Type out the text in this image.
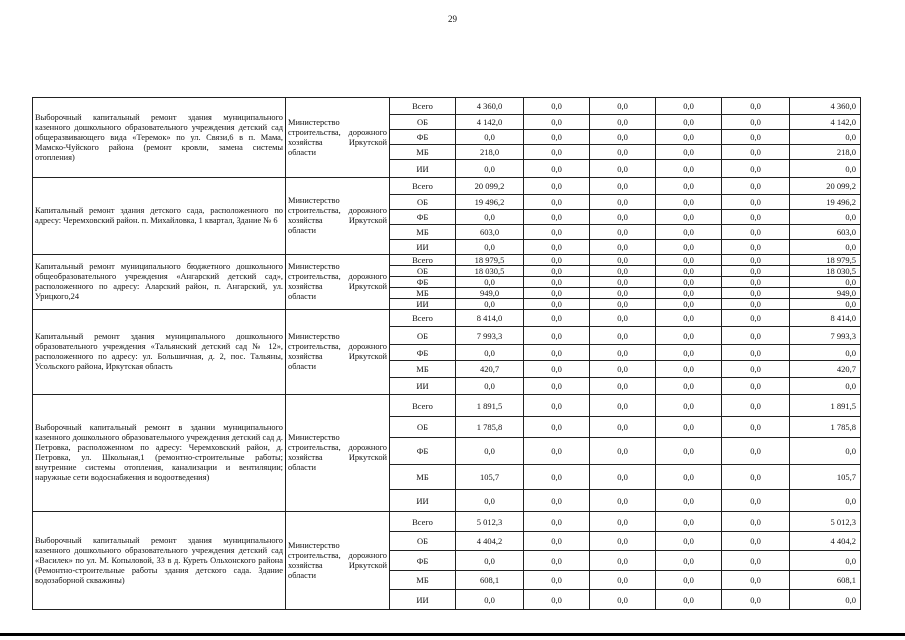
29
Выборочный капитальный ремонт здания муниципального казенного дошкольного образовательного учреждения детский сад общеразвивающего вида «Теремок» по ул. Связи,6 в п. Мама, Мамско-Чуйского района (ремонт кровли, замена системы отопления)	Министерство строительства, дорожного хозяйства Иркутской области	Всего	4 360,0	0,0	0,0	0,0	0,0	4 360,0
		ОБ	4 142,0	0,0	0,0	0,0	0,0	4 142,0
		ФБ	0,0	0,0	0,0	0,0	0,0	0,0
		МБ	218,0	0,0	0,0	0,0	0,0	218,0
		ИИ	0,0	0,0	0,0	0,0	0,0	0,0
Капитальный ремонт здания детского сада, расположенного по адресу: Черемховский район. п. Михайловка, 1 квартал, Здание № 6	Министерство строительства, дорожного хозяйства Иркутской области	Всего	20 099,2	0,0	0,0	0,0	0,0	20 099,2
		ОБ	19 496,2	0,0	0,0	0,0	0,0	19 496,2
		ФБ	0,0	0,0	0,0	0,0	0,0	0,0
		МБ	603,0	0,0	0,0	0,0	0,0	603,0
		ИИ	0,0	0,0	0,0	0,0	0,0	0,0
Капитальный ремонт муниципального бюджетного дошкольного общеобразовательного учреждения «Ангарский детский сад», расположенного по адресу: Аларский район, п. Ангарский, ул. Урицкого,24	Министерство строительства, дорожного хозяйства Иркутской области	Всего	18 979,5	0,0	0,0	0,0	0,0	18 979,5
		ОБ	18 030,5	0,0	0,0	0,0	0,0	18 030,5
		ФБ	0,0	0,0	0,0	0,0	0,0	0,0
		МБ	949,0	0,0	0,0	0,0	0,0	949,0
		ИИ	0,0	0,0	0,0	0,0	0,0	0,0
Капитальный ремонт здания муниципального дошкольного образовательного учреждения «Тальянский детский сад № 12», расположенного по адресу: ул. Большичная, д. 2, пос. Тальяны, Усольского района, Иркутская область	Министерство строительства, дорожного хозяйства Иркутской области	Всего	8 414,0	0,0	0,0	0,0	0,0	8 414,0
		ОБ	7 993,3	0,0	0,0	0,0	0,0	7 993,3
		ФБ	0,0	0,0	0,0	0,0	0,0	0,0
		МБ	420,7	0,0	0,0	0,0	0,0	420,7
		ИИ	0,0	0,0	0,0	0,0	0,0	0,0
Выборочный капитальный ремонт в здании муниципального казенного дошкольного образовательного учреждения детский сад д. Петровка, расположенном по адресу: Черемховский район, д. Петровка, ул. Школьная,1 (ремонтно-строительные работы; внутренние системы отопления, канализации и вентиляции; наружные сети водоснабжения и водоотведения)	Министерство строительства, дорожного хозяйства Иркутской области	Всего	1 891,5	0,0	0,0	0,0	0,0	1 891,5
		ОБ	1 785,8	0,0	0,0	0,0	0,0	1 785,8
		ФБ	0,0	0,0	0,0	0,0	0,0	0,0
		МБ	105,7	0,0	0,0	0,0	0,0	105,7
		ИИ	0,0	0,0	0,0	0,0	0,0	0,0
Выборочный капитальный ремонт здания муниципального казенного дошкольного образовательного учреждения детский сад «Василек» по ул. М. Копыловой, 33 в д. Куреть Ольхонского района (Ремонтно-строительные работы здания детского сада. Здание водозаборной скважины)	Министерство строительства, дорожного хозяйства Иркутской области	Всего	5 012,3	0,0	0,0	0,0	0,0	5 012,3
		ОБ	4 404,2	0,0	0,0	0,0	0,0	4 404,2
		ФБ	0,0	0,0	0,0	0,0	0,0	0,0
		МБ	608,1	0,0	0,0	0,0	0,0	608,1
		ИИ	0,0	0,0	0,0	0,0	0,0	0,0
